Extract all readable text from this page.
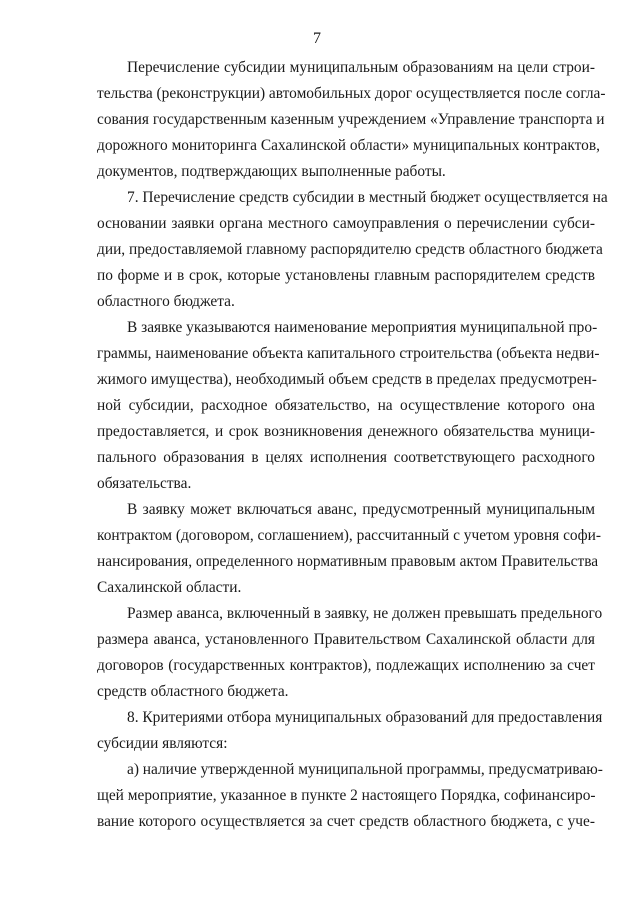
7
Перечисление субсидии муниципальным образованиям на цели строи-
тельства (реконструкции) автомобильных дорог осуществляется после согла-
сования государственным казенным учреждением «Управление транспорта и
дорожного мониторинга Сахалинской области» муниципальных контрактов,
документов, подтверждающих выполненные работы.
7. Перечисление средств субсидии в местный бюджет осуществляется на
основании заявки органа местного самоуправления о перечислении субси-
дии, предоставляемой главному распорядителю средств областного бюджета
по форме и в срок, которые установлены главным распорядителем средств
областного бюджета.
В заявке указываются наименование мероприятия муниципальной про-
граммы, наименование объекта капитального строительства (объекта недви-
жимого имущества), необходимый объем средств в пределах предусмотрен-
ной субсидии, расходное обязательство, на осуществление которого она
предоставляется, и срок возникновения денежного обязательства муници-
пального образования в целях исполнения соответствующего расходного
обязательства.
В заявку может включаться аванс, предусмотренный муниципальным
контрактом (договором, соглашением), рассчитанный с учетом уровня софи-
нансирования, определенного нормативным правовым актом Правительства
Сахалинской области.
Размер аванса, включенный в заявку, не должен превышать предельного
размера аванса, установленного Правительством Сахалинской области для
договоров (государственных контрактов), подлежащих исполнению за счет
средств областного бюджета.
8. Критериями отбора муниципальных образований для предоставления
субсидии являются:
а) наличие утвержденной муниципальной программы, предусматриваю-
щей мероприятие, указанное в пункте 2 настоящего Порядка, софинансиро-
вание которого осуществляется за счет средств областного бюджета, с уче-
